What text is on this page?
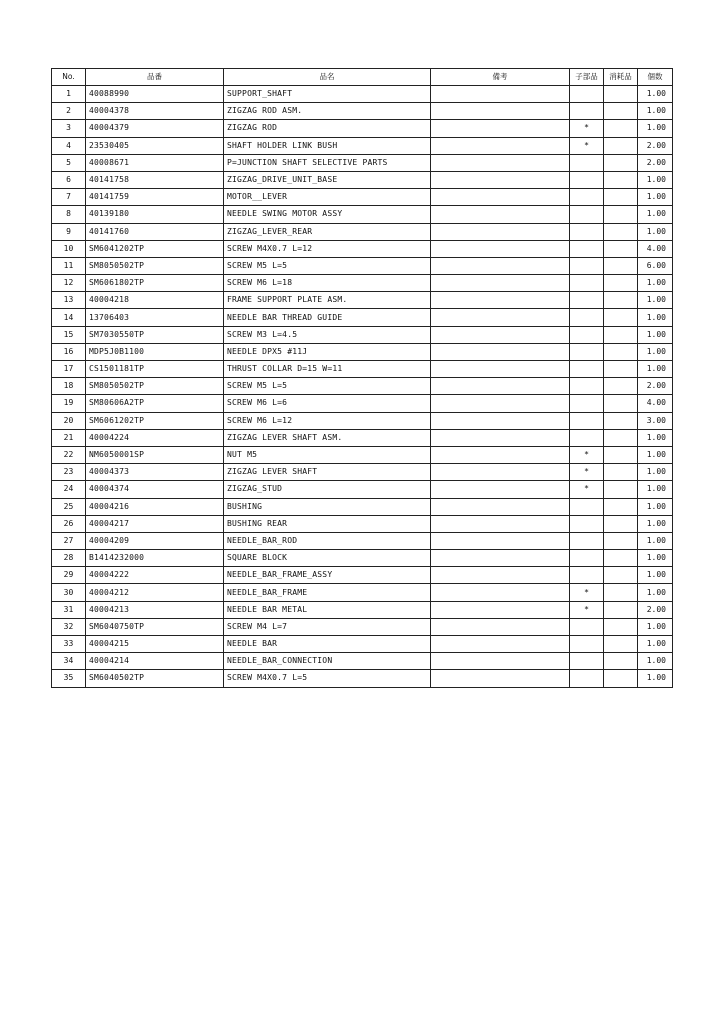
No.	品番	品名	備考	子部品	消耗品	個数
1	40088990	SUPPORT_SHAFT				1.00
2	40004378	ZIGZAG ROD ASM.				1.00
3	40004379	ZIGZAG ROD		*		1.00
4	23530405	SHAFT HOLDER LINK BUSH		*		2.00
5	40008671	P=JUNCTION SHAFT SELECTIVE PARTS				2.00
6	40141758	ZIGZAG_DRIVE_UNIT_BASE				1.00
7	40141759	MOTOR__LEVER				1.00
8	40139180	NEEDLE SWING MOTOR ASSY				1.00
9	40141760	ZIGZAG_LEVER_REAR				1.00
10	SM6041202TP	SCREW M4X0.7 L=12				4.00
11	SM8050502TP	SCREW M5 L=5				6.00
12	SM6061802TP	SCREW M6 L=18				1.00
13	40004218	FRAME SUPPORT PLATE ASM.				1.00
14	13706403	NEEDLE BAR THREAD GUIDE				1.00
15	SM7030550TP	SCREW M3 L=4.5				1.00
16	MDP5J0B1100	NEEDLE DPX5 #11J				1.00
17	CS1501181TP	THRUST COLLAR D=15 W=11				1.00
18	SM8050502TP	SCREW M5 L=5				2.00
19	SM80606A2TP	SCREW M6 L=6				4.00
20	SM6061202TP	SCREW M6 L=12				3.00
21	40004224	ZIGZAG LEVER SHAFT ASM.				1.00
22	NM6050001SP	NUT M5		*		1.00
23	40004373	ZIGZAG LEVER SHAFT		*		1.00
24	40004374	ZIGZAG_STUD		*		1.00
25	40004216	BUSHING				1.00
26	40004217	BUSHING REAR				1.00
27	40004209	NEEDLE_BAR_ROD				1.00
28	B1414232000	SQUARE BLOCK				1.00
29	40004222	NEEDLE_BAR_FRAME_ASSY				1.00
30	40004212	NEEDLE_BAR_FRAME		*		1.00
31	40004213	NEEDLE BAR METAL		*		2.00
32	SM6040750TP	SCREW M4 L=7				1.00
33	40004215	NEEDLE BAR				1.00
34	40004214	NEEDLE_BAR_CONNECTION				1.00
35	SM6040502TP	SCREW M4X0.7 L=5				1.00
